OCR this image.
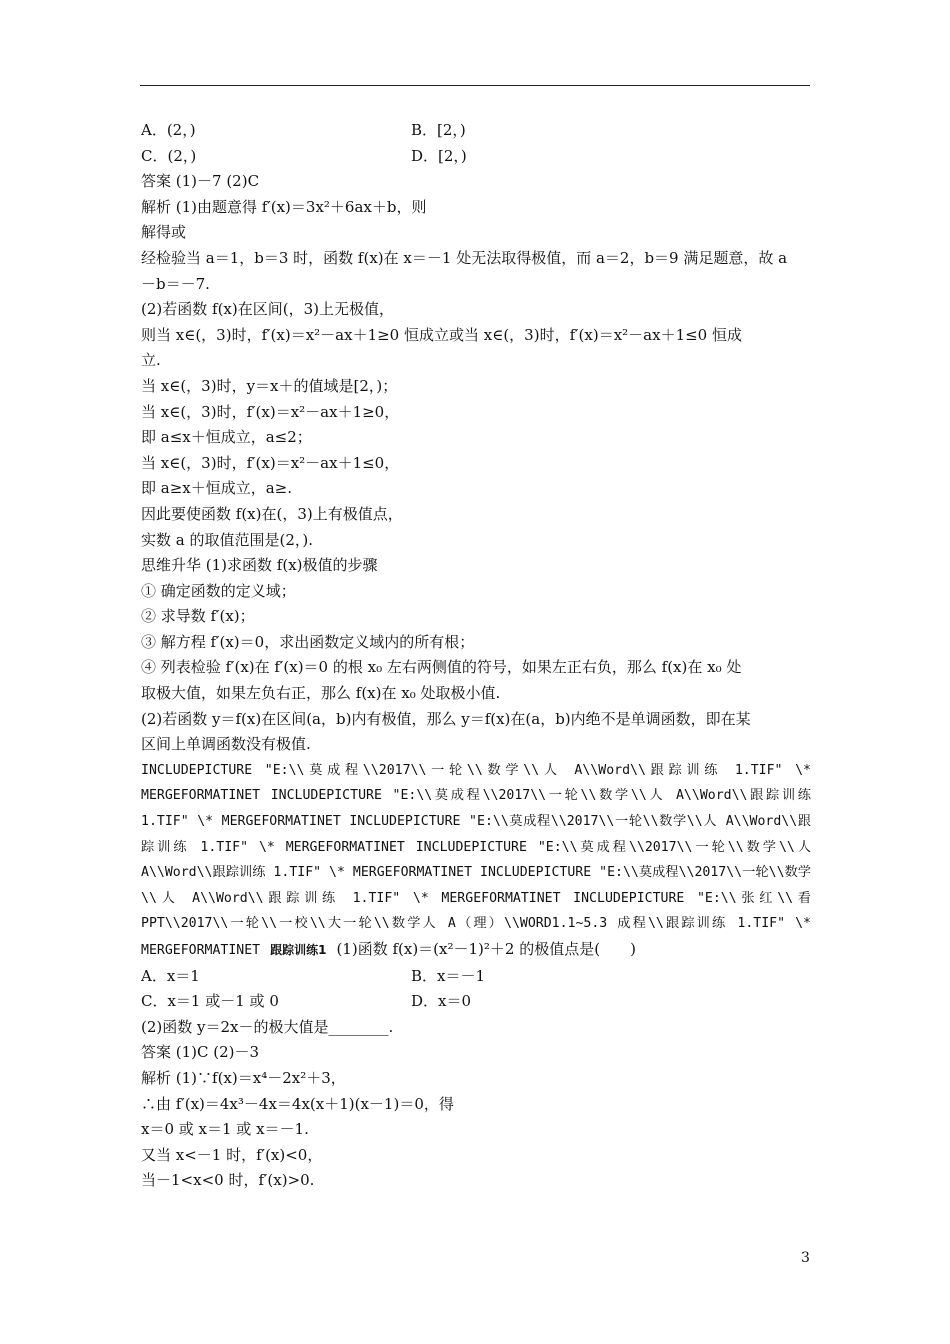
A．(2，)	B．[2，)
C．(2，)	D．[2，)
答案 (1)－7 (2)C
解析 (1)由题意得 f′(x)＝3x²＋6ax＋b，则
解得或
经检验当 a＝1，b＝3 时，函数 f(x)在 x＝－1 处无法取得极值，而 a＝2，b＝9 满足题意，故 a
－b＝－7.
(2)若函数 f(x)在区间(，3)上无极值，
则当 x∈(，3)时，f′(x)＝x²－ax＋1≥0 恒成立或当 x∈(，3)时，f′(x)＝x²－ax＋1≤0 恒成
立.
当 x∈(，3)时，y＝x＋的值域是[2，)；
当 x∈(，3)时，f′(x)＝x²－ax＋1≥0，
即 a≤x＋恒成立，a≤2；
当 x∈(，3)时，f′(x)＝x²－ax＋1≤0，
即 a≥x＋恒成立，a≥.
因此要使函数 f(x)在(，3)上有极值点，
实数 a 的取值范围是(2，).
思维升华 (1)求函数 f(x)极值的步骤
① 确定函数的定义域；
② 求导数 f′(x)；
③ 解方程 f′(x)＝0，求出函数定义域内的所有根；
④ 列表检验 f′(x)在 f′(x)＝0 的根 x₀ 左右两侧值的符号，如果左正右负，那么 f(x)在 x₀ 处
取极大值，如果左负右正，那么 f(x)在 x₀ 处取极小值.
(2)若函数 y＝f(x)在区间(a，b)内有极值，那么 y＝f(x)在(a，b)内绝不是单调函数，即在某
区间上单调函数没有极值.
INCLUDEPICTURE "E:\\莫成程\\2017\\一轮\\数学\\人 A\\Word\\跟踪训练 1.TIF" \* MERGEFORMATINET INCLUDEPICTURE "E:\\莫成程\\2017\\一轮\\数学\\人 A\\Word\\跟踪训练 1.TIF" \* MERGEFORMATINET INCLUDEPICTURE "E:\\莫成程\\2017\\一轮\\数学\\人 A\\Word\\跟踪训练 1.TIF" \* MERGEFORMATINET INCLUDEPICTURE "E:\\莫成程\\2017\\一轮\\数学\\人 A\\Word\\跟踪训练 1.TIF" \* MERGEFORMATINET INCLUDEPICTURE "E:\\莫成程\\2017\\一轮\\数学\\人 A\\Word\\跟踪训练 1.TIF" \* MERGEFORMATINET INCLUDEPICTURE "E:\\张红\\看 PPT\\2017\\一轮\\一校\\大一轮\\数学人 A（理）\\WORD1.1~5.3 成程\\跟踪训练 1.TIF" \* MERGEFORMATINET 跟踪训练1 (1)函数 f(x)＝(x²－1)²＋2 的极值点是(　　)
A．x＝1	B．x＝－1
C．x＝1 或－1 或 0	D．x＝0
(2)函数 y＝2x－的极大值是________.
答案 (1)C (2)－3
解析 (1)∵f(x)＝x⁴－2x²＋3，
∴由 f′(x)＝4x³－4x＝4x(x＋1)(x－1)＝0，得
x＝0 或 x＝1 或 x＝－1.
又当 x<－1 时，f′(x)<0，
当－1<x<0 时，f′(x)>0.
3
